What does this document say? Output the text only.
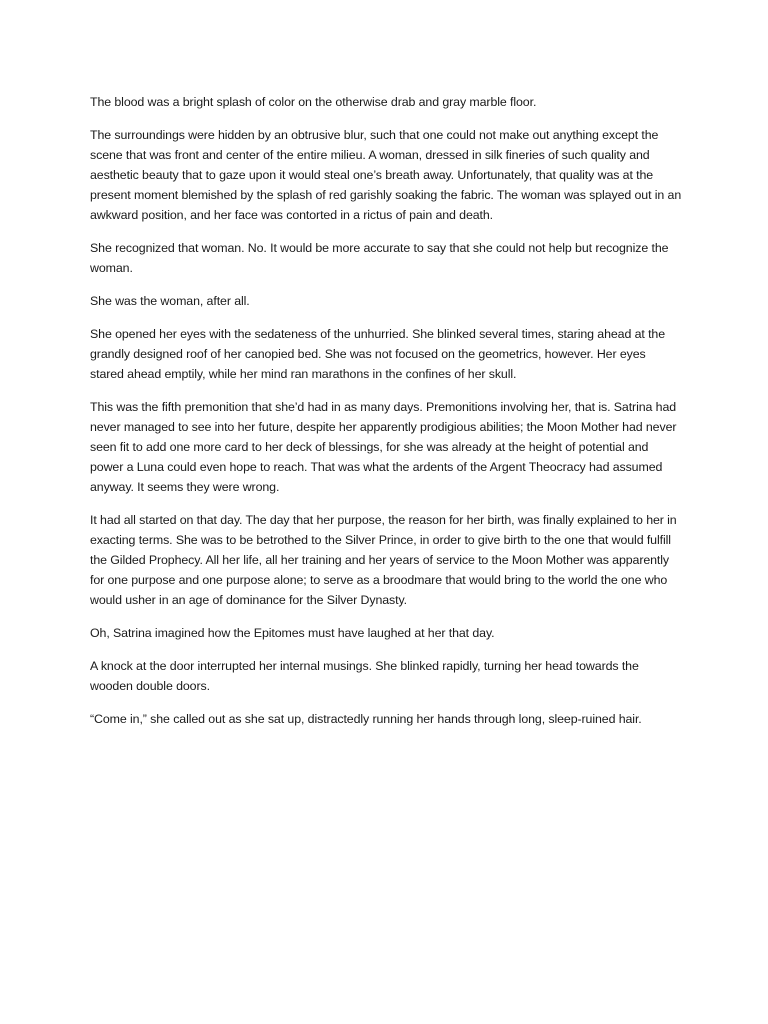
The blood was a bright splash of color on the otherwise drab and gray marble floor.

The surroundings were hidden by an obtrusive blur, such that one could not make out anything except the scene that was front and center of the entire milieu. A woman, dressed in silk fineries of such quality and aesthetic beauty that to gaze upon it would steal one’s breath away. Unfortunately, that quality was at the present moment blemished by the splash of red garishly soaking the fabric. The woman was splayed out in an awkward position, and her face was contorted in a rictus of pain and death.

She recognized that woman. No. It would be more accurate to say that she could not help but recognize the woman.

She was the woman, after all.

She opened her eyes with the sedateness of the unhurried. She blinked several times, staring ahead at the grandly designed roof of her canopied bed. She was not focused on the geometrics, however. Her eyes stared ahead emptily, while her mind ran marathons in the confines of her skull.

This was the fifth premonition that she’d had in as many days. Premonitions involving her, that is. Satrina had never managed to see into her future, despite her apparently prodigious abilities; the Moon Mother had never seen fit to add one more card to her deck of blessings, for she was already at the height of potential and power a Luna could even hope to reach. That was what the ardents of the Argent Theocracy had assumed anyway. It seems they were wrong.

It had all started on that day. The day that her purpose, the reason for her birth, was finally explained to her in exacting terms. She was to be betrothed to the Silver Prince, in order to give birth to the one that would fulfill the Gilded Prophecy. All her life, all her training and her years of service to the Moon Mother was apparently for one purpose and one purpose alone; to serve as a broodmare that would bring to the world the one who would usher in an age of dominance for the Silver Dynasty.

Oh, Satrina imagined how the Epitomes must have laughed at her that day.

A knock at the door interrupted her internal musings. She blinked rapidly, turning her head towards the wooden double doors.

“Come in,” she called out as she sat up, distractedly running her hands through long, sleep-ruined hair.
